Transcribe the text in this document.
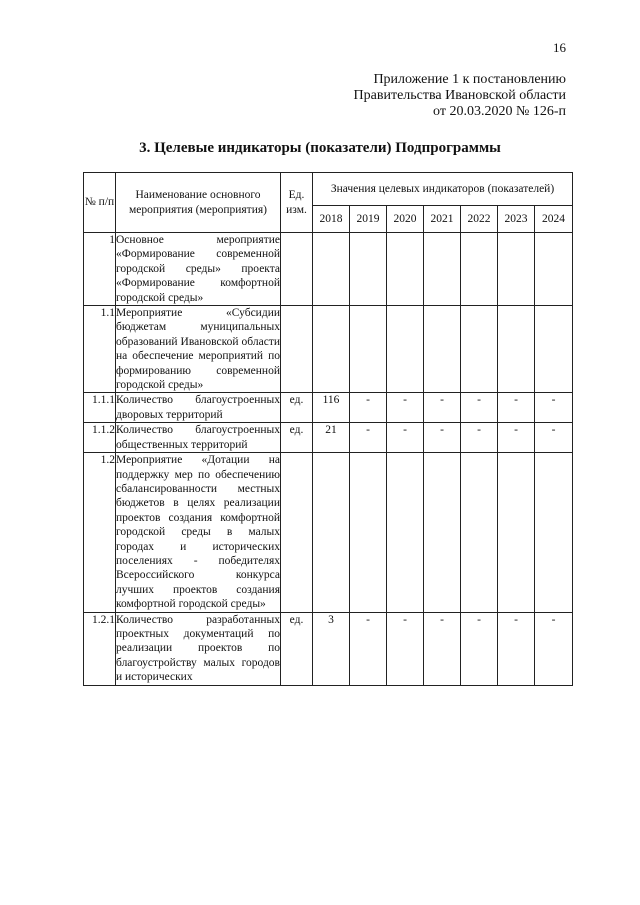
16
Приложение 1 к постановлению
Правительства Ивановской области
от 20.03.2020 № 126-п
3. Целевые индикаторы (показатели) Подпрограммы
№ п/п	Наименование основного мероприятия (мероприятия)	Ед. изм.	Значения целевых индикаторов (показателей)						
			2018	2019	2020	2021	2022	2023	2024
1	Основное мероприятие «Формирование современной городской среды» проекта «Формирование комфортной городской среды»								
1.1	Мероприятие «Субсидии бюджетам муниципальных образований Ивановской области на обеспечение мероприятий по формированию современной городской среды»								
1.1.1	Количество благоустроенных дворовых территорий	ед.	116	-	-	-	-	-	-
1.1.2	Количество благоустроенных общественных территорий	ед.	21	-	-	-	-	-	-
1.2	Мероприятие «Дотации на поддержку мер по обеспечению сбалансированности местных бюджетов в целях реализации проектов создания комфортной городской среды в малых городах и исторических поселениях - победителях Всероссийского конкурса лучших проектов создания комфортной городской среды»								
1.2.1	Количество разработанных проектных документаций по реализации проектов по благоустройству малых городов и исторических	ед.	3	-	-	-	-	-	-
